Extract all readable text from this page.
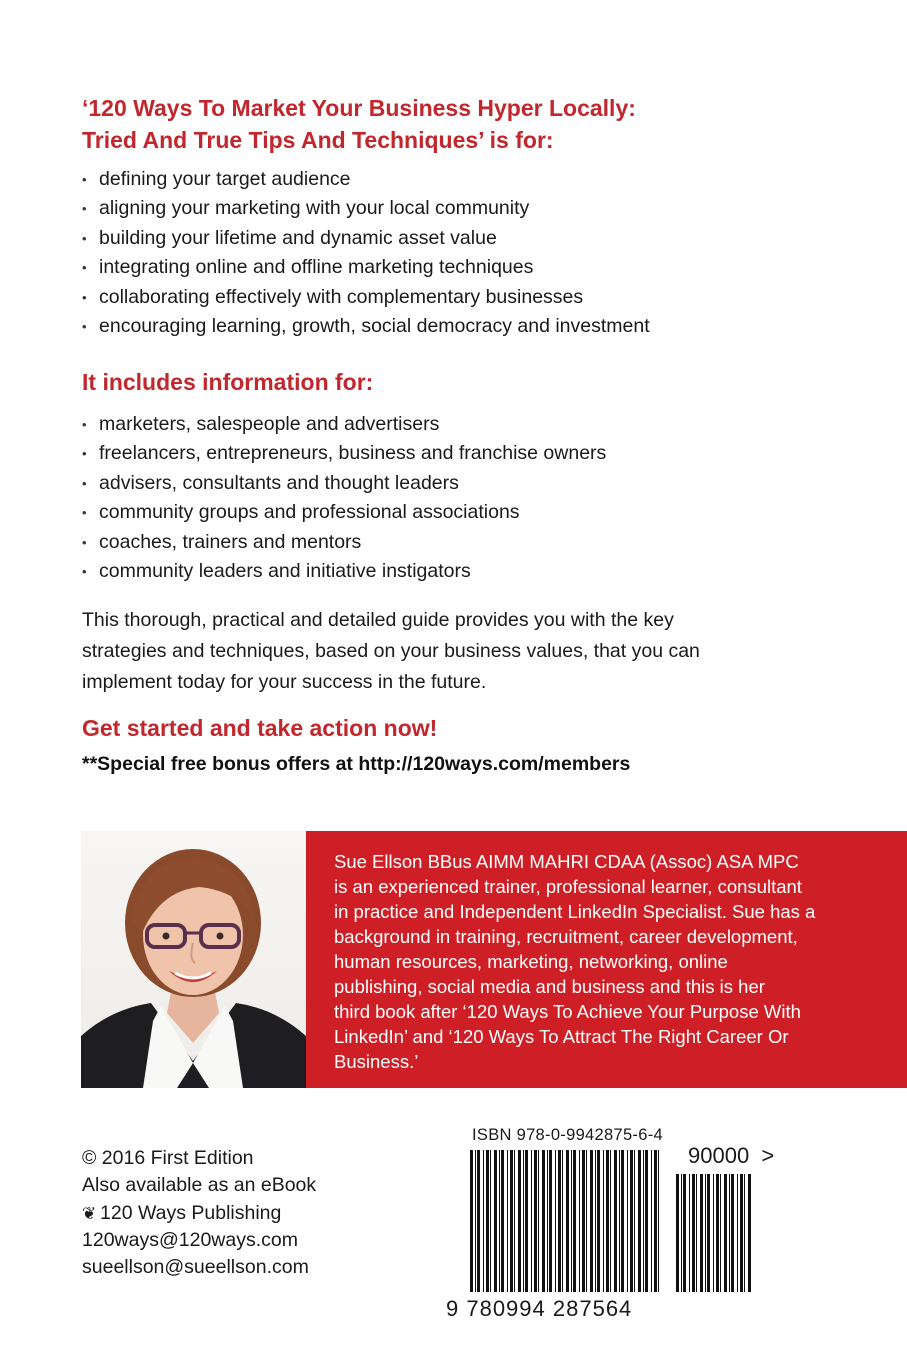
‘120 Ways To Market Your Business Hyper Locally:
Tried And True Tips And Techniques’ is for:
• defining your target audience
• aligning your marketing with your local community
• building your lifetime and dynamic asset value
• integrating online and offline marketing techniques
• collaborating effectively with complementary businesses
• encouraging learning, growth, social democracy and investment
It includes information for:
• marketers, salespeople and advertisers
• freelancers, entrepreneurs, business and franchise owners
• advisers, consultants and thought leaders
• community groups and professional associations
• coaches, trainers and mentors
• community leaders and initiative instigators

This thorough, practical and detailed guide provides you with the key
strategies and techniques, based on your business values, that you can
implement today for your success in the future.

Get started and take action now!

**Special free bonus offers at http://120ways.com/members

Sue Ellson BBus AIMM MAHRI CDAA (Assoc) ASA MPC
is an experienced trainer, professional learner, consultant
in practice and Independent LinkedIn Specialist. Sue has a
background in training, recruitment, career development,
human resources, marketing, networking, online
publishing, social media and business and this is her
third book after ‘120 Ways To Achieve Your Purpose With
LinkedIn’ and ‘120 Ways To Attract The Right Career Or
Business.’

© 2016 First Edition
Also available as an eBook
❦ 120 Ways Publishing
120ways@120ways.com
sueellson@sueellson.com
ISBN 978-0-9942875-6-4
90000 >
9 780994 287564
